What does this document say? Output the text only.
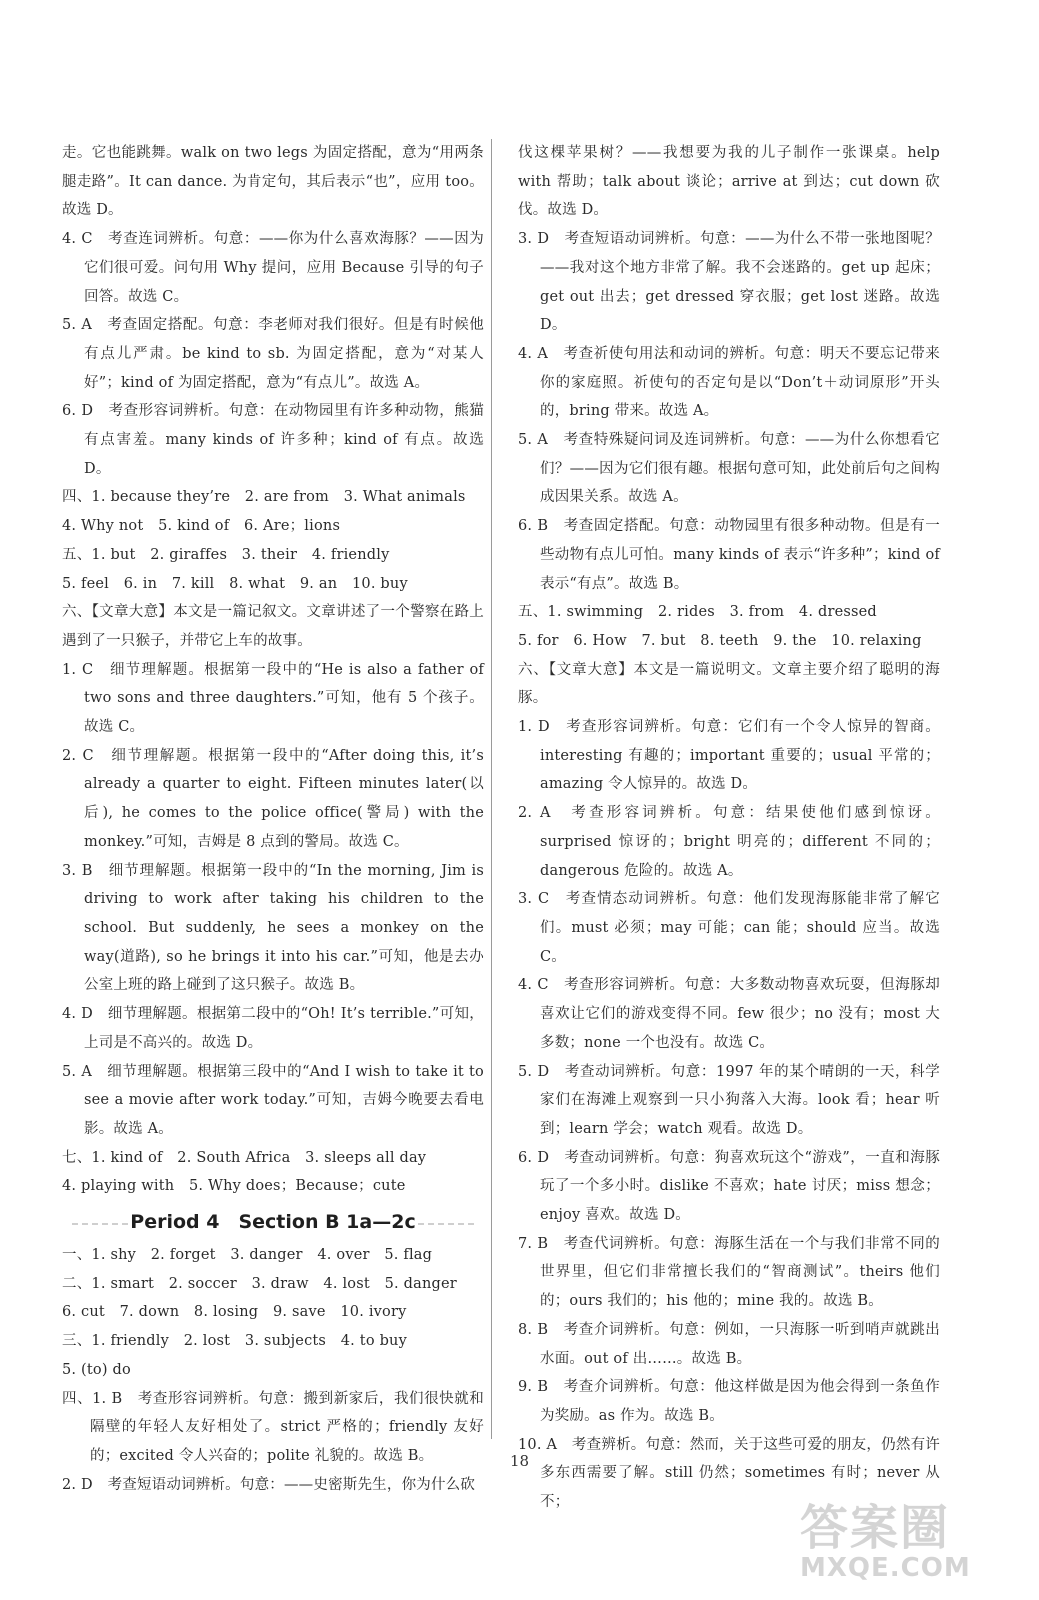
走。它也能跳舞。walk on two legs 为固定搭配，意为“用两条腿走路”。It can dance. 为肯定句，其后表示“也”，应用 too。故选 D。

4. C　考查连词辨析。句意：——你为什么喜欢海豚？——因为它们很可爱。问句用 Why 提问，应用 Because 引导的句子回答。故选 C。

5. A　考查固定搭配。句意：李老师对我们很好。但是有时候他有点儿严肃。be kind to sb. 为固定搭配，意为“对某人好”；kind of 为固定搭配，意为“有点儿”。故选 A。

6. D　考查形容词辨析。句意：在动物园里有许多种动物，熊猫有点害羞。many kinds of 许多种；kind of 有点。故选 D。

四、1. because they’re　2. are from　3. What animals

4. Why not　5. kind of　6. Are；lions

五、1. but　2. giraffes　3. their　4. friendly

5. feel　6. in　7. kill　8. what　9. an　10. buy

六、【文章大意】本文是一篇记叙文。文章讲述了一个警察在路上遇到了一只猴子，并带它上车的故事。

1. C　细节理解题。根据第一段中的“He is also a father of two sons and three daughters.”可知，他有 5 个孩子。故选 C。

2. C　细节理解题。根据第一段中的“After doing this, it’s already a quarter to eight. Fifteen minutes later(以后), he comes to the police office(警局) with the monkey.”可知，吉姆是 8 点到的警局。故选 C。

3. B　细节理解题。根据第一段中的“In the morning, Jim is driving to work after taking his children to the school. But suddenly, he sees a monkey on the way(道路), so he brings it into his car.”可知，他是去办公室上班的路上碰到了这只猴子。故选 B。

4. D　细节理解题。根据第二段中的“Oh! It’s terrible.”可知，上司是不高兴的。故选 D。

5. A　细节理解题。根据第三段中的“And I wish to take it to see a movie after work today.”可知，吉姆今晚要去看电影。故选 A。

七、1. kind of　2. South Africa　3. sleeps all day

4. playing with　5. Why does；Because；cute

Period 4　Section B 1a—2c

一、1. shy　2. forget　3. danger　4. over　5. flag

二、1. smart　2. soccer　3. draw　4. lost　5. danger

6. cut　7. down　8. losing　9. save　10. ivory

三、1. friendly　2. lost　3. subjects　4. to buy

5. (to) do

四、1. B　考查形容词辨析。句意：搬到新家后，我们很快就和隔壁的年轻人友好相处了。strict 严格的；friendly 友好的；excited 令人兴奋的；polite 礼貌的。故选 B。

2. D　考查短语动词辨析。句意：——史密斯先生，你为什么砍

伐这棵苹果树？——我想要为我的儿子制作一张课桌。help with 帮助；talk about 谈论；arrive at 到达；cut down 砍伐。故选 D。

3. D　考查短语动词辨析。句意：——为什么不带一张地图呢？——我对这个地方非常了解。我不会迷路的。get up 起床；get out 出去；get dressed 穿衣服；get lost 迷路。故选 D。

4. A　考查祈使句用法和动词的辨析。句意：明天不要忘记带来你的家庭照。祈使句的否定句是以“Don’t＋动词原形”开头的，bring 带来。故选 A。

5. A　考查特殊疑问词及连词辨析。句意：——为什么你想看它们？——因为它们很有趣。根据句意可知，此处前后句之间构成因果关系。故选 A。

6. B　考查固定搭配。句意：动物园里有很多种动物。但是有一些动物有点儿可怕。many kinds of 表示“许多种”；kind of 表示“有点”。故选 B。

五、1. swimming　2. rides　3. from　4. dressed

5. for　6. How　7. but　8. teeth　9. the　10. relaxing

六、【文章大意】本文是一篇说明文。文章主要介绍了聪明的海豚。

1. D　考查形容词辨析。句意：它们有一个令人惊异的智商。interesting 有趣的；important 重要的；usual 平常的；amazing 令人惊异的。故选 D。

2. A　考查形容词辨析。句意：结果使他们感到惊讶。surprised 惊讶的；bright 明亮的；different 不同的；dangerous 危险的。故选 A。

3. C　考查情态动词辨析。句意：他们发现海豚能非常了解它们。must 必须；may 可能；can 能；should 应当。故选 C。

4. C　考查形容词辨析。句意：大多数动物喜欢玩耍，但海豚却喜欢让它们的游戏变得不同。few 很少；no 没有；most 大多数；none 一个也没有。故选 C。

5. D　考查动词辨析。句意：1997 年的某个晴朗的一天，科学家们在海滩上观察到一只小狗落入大海。look 看；hear 听到；learn 学会；watch 观看。故选 D。

6. D　考查动词辨析。句意：狗喜欢玩这个“游戏”，一直和海豚玩了一个多小时。dislike 不喜欢；hate 讨厌；miss 想念；enjoy 喜欢。故选 D。

7. B　考查代词辨析。句意：海豚生活在一个与我们非常不同的世界里，但它们非常擅长我们的“智商测试”。theirs 他们的；ours 我们的；his 他的；mine 我的。故选 B。

8. B　考查介词辨析。句意：例如，一只海豚一听到哨声就跳出水面。out of 出……。故选 B。

9. B　考查介词辨析。句意：他这样做是因为他会得到一条鱼作为奖励。as 作为。故选 B。

10. A　考查辨析。句意：然而，关于这些可爱的朋友，仍然有许多东西需要了解。still 仍然；sometimes 有时；never 从不；

18
答案圈
MXQE.COM
